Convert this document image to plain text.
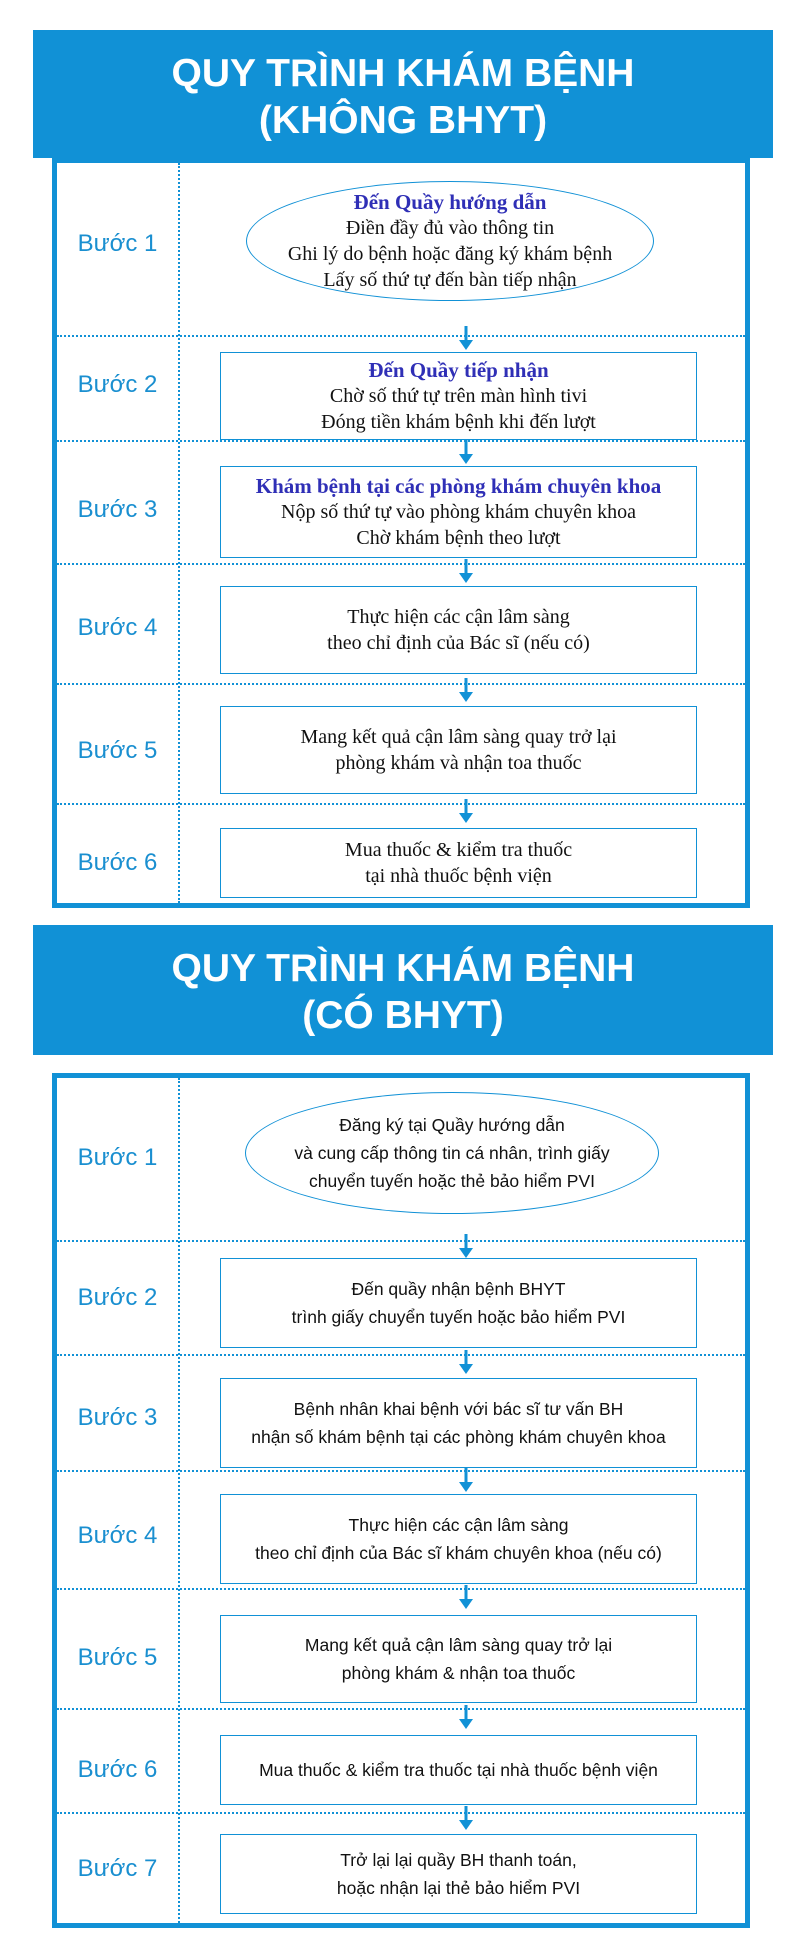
QUY TRÌNH KHÁM BỆNH
(KHÔNG BHYT)
Bước 1
Bước 2
Bước 3
Bước 4
Bước 5
Bước 6
Đến Quầy hướng dẫn
Điền đầy đủ vào thông tin
Ghi lý do bệnh hoặc đăng ký khám bệnh
Lấy số thứ tự đến bàn tiếp nhận
Đến Quầy tiếp nhận
Chờ số thứ tự trên màn hình tivi
Đóng tiền khám bệnh khi đến lượt
Khám bệnh tại các phòng khám chuyên khoa
Nộp số thứ tự vào phòng khám chuyên khoa
Chờ khám bệnh theo lượt
Thực hiện các cận lâm sàng
theo chỉ định của Bác sĩ (nếu có)
Mang kết quả cận lâm sàng quay trở lại
phòng khám và nhận toa thuốc
Mua thuốc & kiểm tra thuốc
tại nhà thuốc bệnh viện
QUY TRÌNH KHÁM BỆNH
(CÓ BHYT)
Bước 1
Bước 2
Bước 3
Bước 4
Bước 5
Bước 6
Bước 7
Đăng ký tại Quầy hướng dẫn
và cung cấp thông tin cá nhân, trình giấy
chuyển tuyến hoặc thẻ bảo hiểm PVI
Đến quầy nhận bệnh BHYT
trình giấy chuyển tuyến hoặc bảo hiểm PVI
Bệnh nhân khai bệnh với bác sĩ tư vấn BH
nhận số khám bệnh tại các phòng khám chuyên khoa
Thực hiện các cận lâm sàng
theo chỉ định của Bác sĩ khám chuyên khoa (nếu có)
Mang kết quả cận lâm sàng quay trở lại
phòng khám & nhận toa thuốc
Mua thuốc & kiểm tra thuốc tại nhà thuốc bệnh viện
Trở lại lại quầy BH thanh toán,
hoặc nhận lại thẻ bảo hiểm PVI
